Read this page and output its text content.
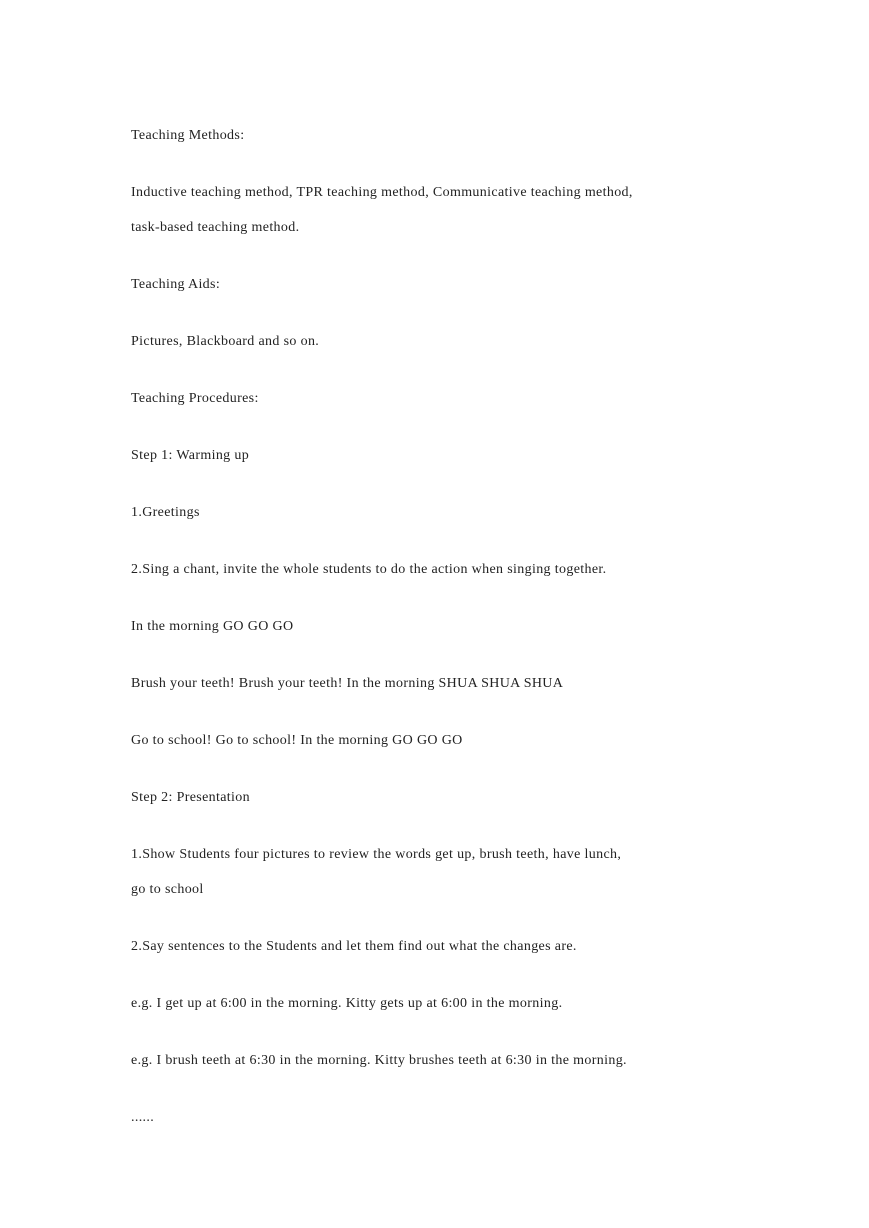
Teaching Methods:

Inductive teaching method, TPR teaching method, Communicative teaching method,
task-based teaching method.

Teaching Aids:

Pictures, Blackboard and so on.

Teaching Procedures:

Step 1: Warming up

1.Greetings

2.Sing a chant, invite the whole students to do the action when singing together.

In the morning GO GO GO

Brush your teeth! Brush your teeth! In the morning SHUA SHUA SHUA

Go to school! Go to school! In the morning GO GO GO

Step 2: Presentation

1.Show Students four pictures to review the words get up, brush teeth, have lunch,
go to school

2.Say sentences to the Students and let them find out what the changes are.

e.g. I get up at 6:00 in the morning. Kitty gets up at 6:00 in the morning.

e.g. I brush teeth at 6:30 in the morning. Kitty brushes teeth at 6:30 in the morning.

......
